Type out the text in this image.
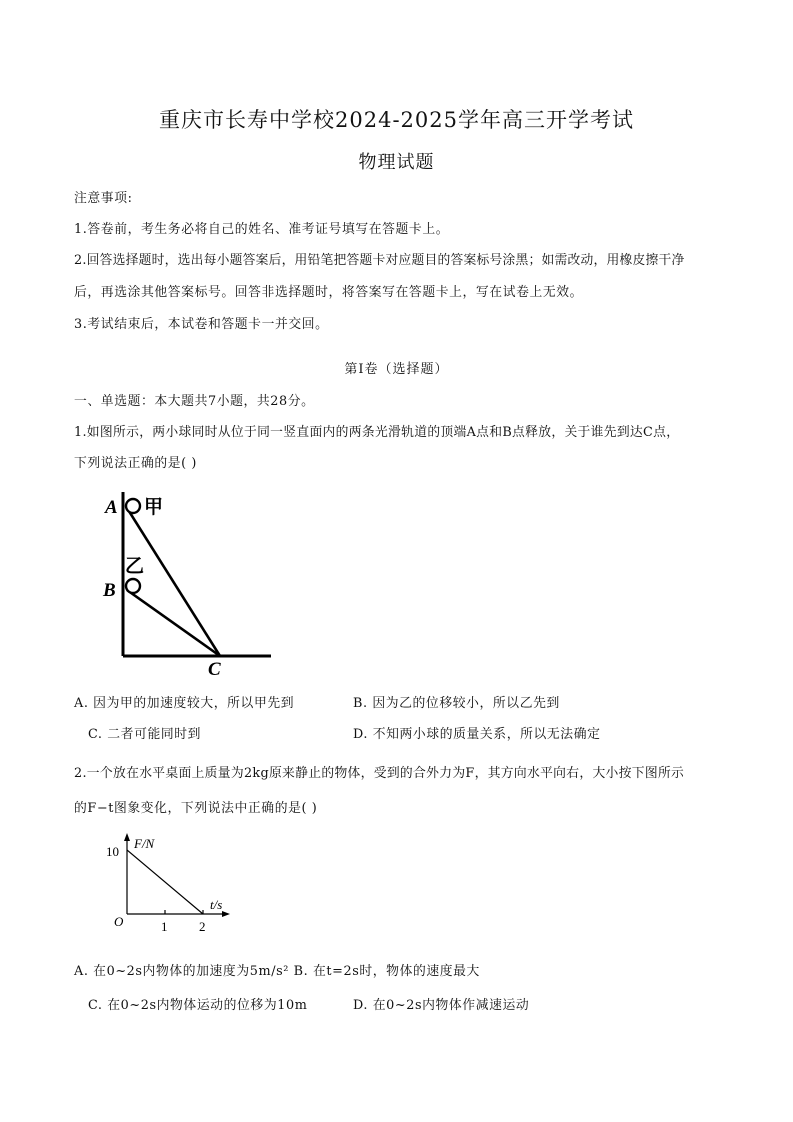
重庆市长寿中学校2024-2025学年高三开学考试
物理试题
注意事项:
1.答卷前，考生务必将自己的姓名、准考证号填写在答题卡上。
2.回答选择题时，选出每小题答案后，用铅笔把答题卡对应题目的答案标号涂黑；如需改动，用橡皮擦干净
后，再选涂其他答案标号。回答非选择题时，将答案写在答题卡上，写在试卷上无效。
3.考试结束后，本试卷和答题卡一并交回。
第I卷（选择题）
一、单选题：本大题共7小题，共28分。
1.如图所示，两小球同时从位于同一竖直面内的两条光滑轨道的顶端A点和B点释放，关于谁先到达C点，
下列说法正确的是( )
A 甲
乙
B
C
A. 因为甲的加速度较大，所以甲先到	B. 因为乙的位移较小，所以乙先到
C. 二者可能同时到	D. 不知两小球的质量关系，所以无法确定
2.一个放在水平桌面上质量为2kg原来静止的物体，受到的合外力为F，其方向水平向右，大小按下图所示
的F−t图象变化，下列说法中正确的是( )
F/N
t/s
O
10
1 2
A. 在0~2s内物体的加速度为5m/s² B. 在t=2s时，物体的速度最大
C. 在0~2s内物体运动的位移为10m	D. 在0~2s内物体作减速运动
